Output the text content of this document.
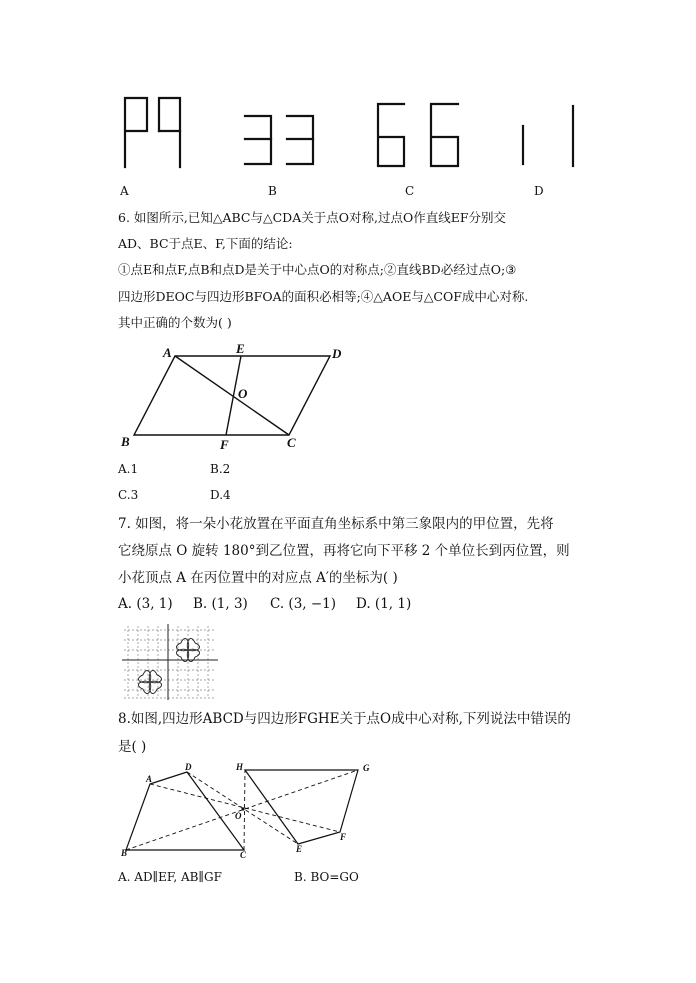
A	B	C	D
6. 如图所示,已知△ABC与△CDA关于点O对称,过点O作直线EF分别交
AD、BC于点E、F,下面的结论:
①点E和点F,点B和点D是关于中心点O的对称点;②直线BD必经过点O;③
四边形DEOC与四边形BFOA的面积必相等;④△AOE与△COF成中心对称.
其中正确的个数为( )
A	E	D
O
B	F	C
A.1	B.2
C.3	D.4
7. 如图，将一朵小花放置在平面直角坐标系中第三象限内的甲位置，先将
它绕原点 O 旋转 180°到乙位置，再将它向下平移 2 个单位长到丙位置，则
小花顶点 A 在丙位置中的对应点 A′的坐标为( )
A. (3, 1) B. (1, 3) C. (3, −1) D. (1, 1)
8.如图,四边形ABCD与四边形FGHE关于点O成中心对称,下列说法中错误的
是( )
A
D	H	G
O
B	C
E
F
A. AD∥EF, AB∥GF	B. BO=GO
